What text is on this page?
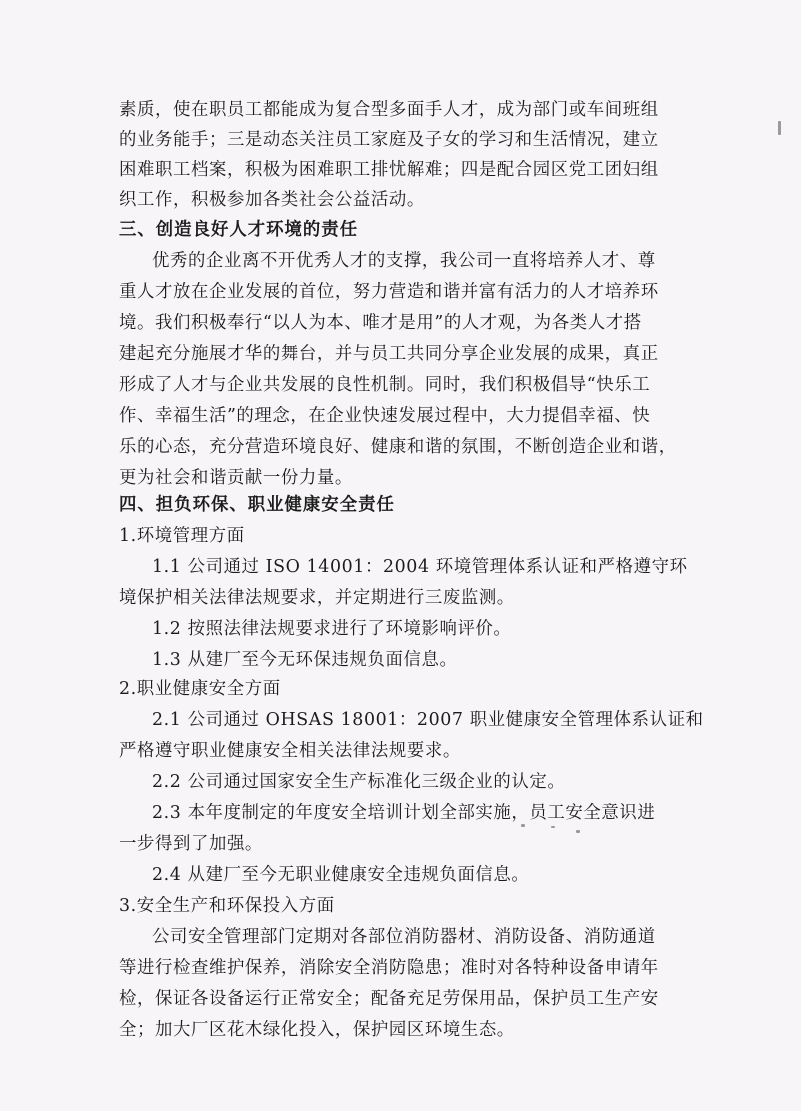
素质，使在职员工都能成为复合型多面手人才，成为部门或车间班组

的业务能手；三是动态关注员工家庭及子女的学习和生活情况，建立

困难职工档案，积极为困难职工排忧解难；四是配合园区党工团妇组

织工作，积极参加各类社会公益活动。

三、创造良好人才环境的责任

优秀的企业离不开优秀人才的支撑，我公司一直将培养人才、尊

重人才放在企业发展的首位，努力营造和谐并富有活力的人才培养环

境。我们积极奉行“以人为本、唯才是用”的人才观，为各类人才搭

建起充分施展才华的舞台，并与员工共同分享企业发展的成果，真正

形成了人才与企业共发展的良性机制。同时，我们积极倡导“快乐工

作、幸福生活”的理念，在企业快速发展过程中，大力提倡幸福、快

乐的心态，充分营造环境良好、健康和谐的氛围，不断创造企业和谐，

更为社会和谐贡献一份力量。

四、担负环保、职业健康安全责任

1.环境管理方面

1.1 公司通过 ISO 14001：2004 环境管理体系认证和严格遵守环

境保护相关法律法规要求，并定期进行三废监测。

1.2 按照法律法规要求进行了环境影响评价。

1.3 从建厂至今无环保违规负面信息。

2.职业健康安全方面

2.1 公司通过 OHSAS 18001：2007 职业健康安全管理体系认证和

严格遵守职业健康安全相关法律法规要求。

2.2 公司通过国家安全生产标准化三级企业的认定。

2.3 本年度制定的年度安全培训计划全部实施，员工安全意识进

一步得到了加强。

2.4 从建厂至今无职业健康安全违规负面信息。

3.安全生产和环保投入方面

公司安全管理部门定期对各部位消防器材、消防设备、消防通道

等进行检查维护保养，消除安全消防隐患；准时对各特种设备申请年

检，保证各设备运行正常安全；配备充足劳保用品，保护员工生产安

全；加大厂区花木绿化投入，保护园区环境生态。
